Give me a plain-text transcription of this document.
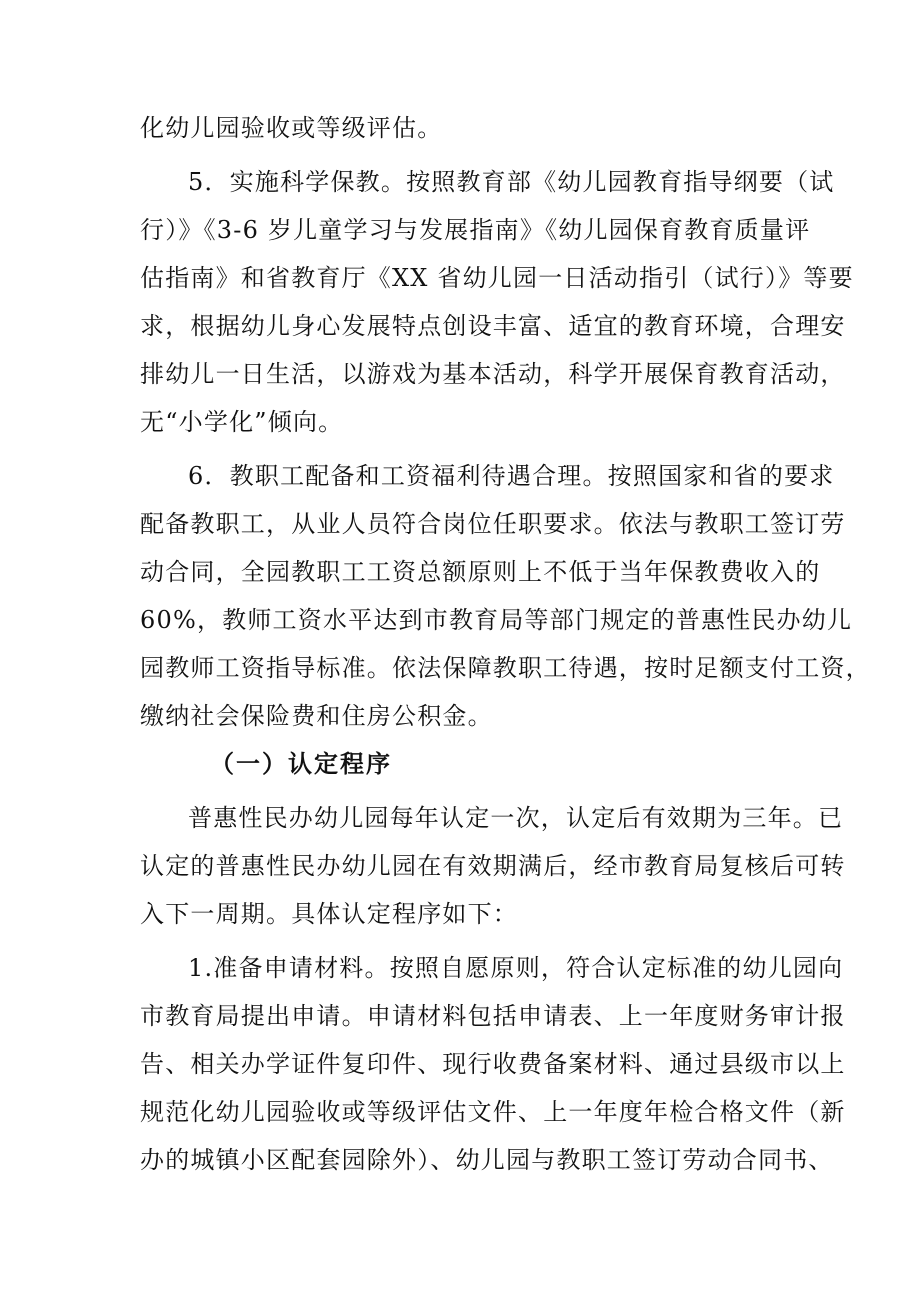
化幼儿园验收或等级评估。
5．实施科学保教。按照教育部《幼儿园教育指导纲要（试
行）》《3-6 岁儿童学习与发展指南》《幼儿园保育教育质量评
估指南》和省教育厅《XX 省幼儿园一日活动指引（试行）》等要
求，根据幼儿身心发展特点创设丰富、适宜的教育环境，合理安
排幼儿一日生活，以游戏为基本活动，科学开展保育教育活动，
无“小学化”倾向。
6．教职工配备和工资福利待遇合理。按照国家和省的要求
配备教职工，从业人员符合岗位任职要求。依法与教职工签订劳
动合同，全园教职工工资总额原则上不低于当年保教费收入的
60%，教师工资水平达到市教育局等部门规定的普惠性民办幼儿
园教师工资指导标准。依法保障教职工待遇，按时足额支付工资，
缴纳社会保险费和住房公积金。
（一）认定程序
普惠性民办幼儿园每年认定一次，认定后有效期为三年。已
认定的普惠性民办幼儿园在有效期满后，经市教育局复核后可转
入下一周期。具体认定程序如下：
1.准备申请材料。按照自愿原则，符合认定标准的幼儿园向
市教育局提出申请。申请材料包括申请表、上一年度财务审计报
告、相关办学证件复印件、现行收费备案材料、通过县级市以上
规范化幼儿园验收或等级评估文件、上一年度年检合格文件（新
办的城镇小区配套园除外）、幼儿园与教职工签订劳动合同书、
